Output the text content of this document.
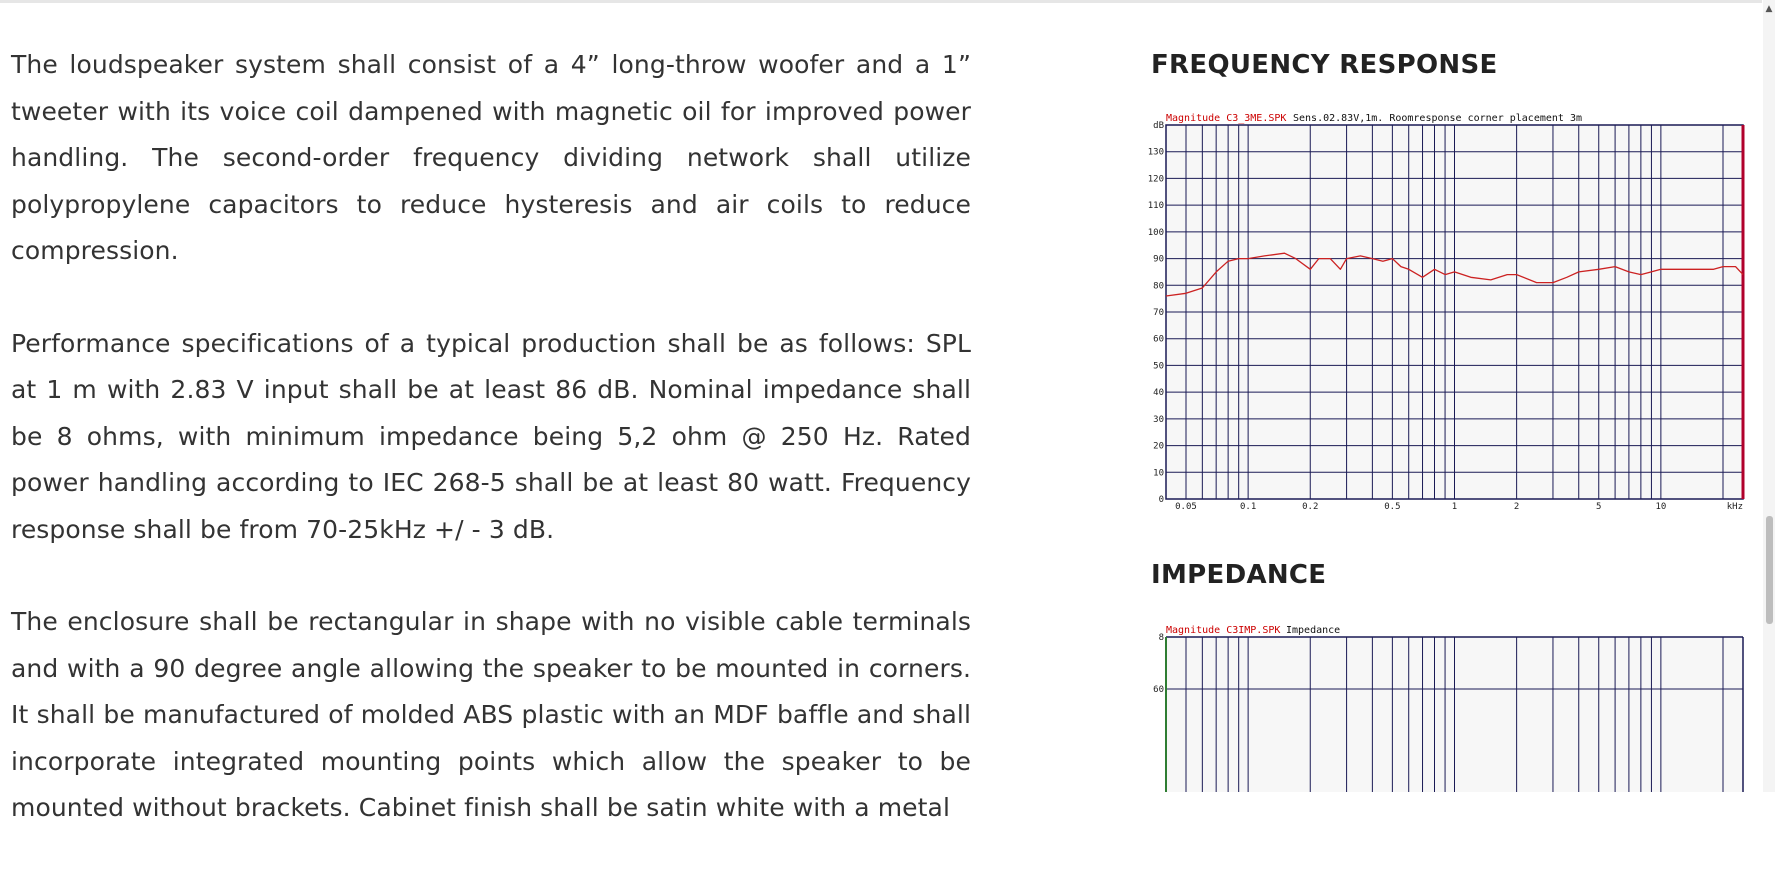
The loudspeaker system shall consist of a 4” long-throw woofer and a 1” tweeter with its voice coil dampened with magnetic oil for improved power handling. The second-order frequency dividing network shall utilize polypropylene capacitors to reduce hysteresis and air coils to reduce compression.

Performance specifications of a typical production shall be as follows: SPL at 1 m with 2.83 V input shall be at least 86 dB. Nominal impedance shall be 8 ohms, with minimum impedance being 5,2 ohm @ 250 Hz. Rated power handling according to IEC 268-5 shall be at least 80 watt. Frequency response shall be from 70-25kHz +/ - 3 dB.

The enclosure shall be rectangular in shape with no visible cable terminals and with a 90 degree angle allowing the speaker to be mounted in corners. It shall be manufactured of molded ABS plastic with an MDF baffle and shall incorporate integrated mounting points which allow the speaker to be mounted without brackets. Cabinet finish shall be satin white with a metal

FREQUENCY RESPONSE
Magnitude C3_3ME.SPK Sens.02.83V,1m. Roomresponse corner placement 3m
0
10
20
30
40
50
60
70
80
90
100
110
120
130
dB
0.05	0.1	0.2	0.5	1	2	5	10	kHz
IMPEDANCE
Magnitude C3IMP.SPK Impedance
8
60
▲
